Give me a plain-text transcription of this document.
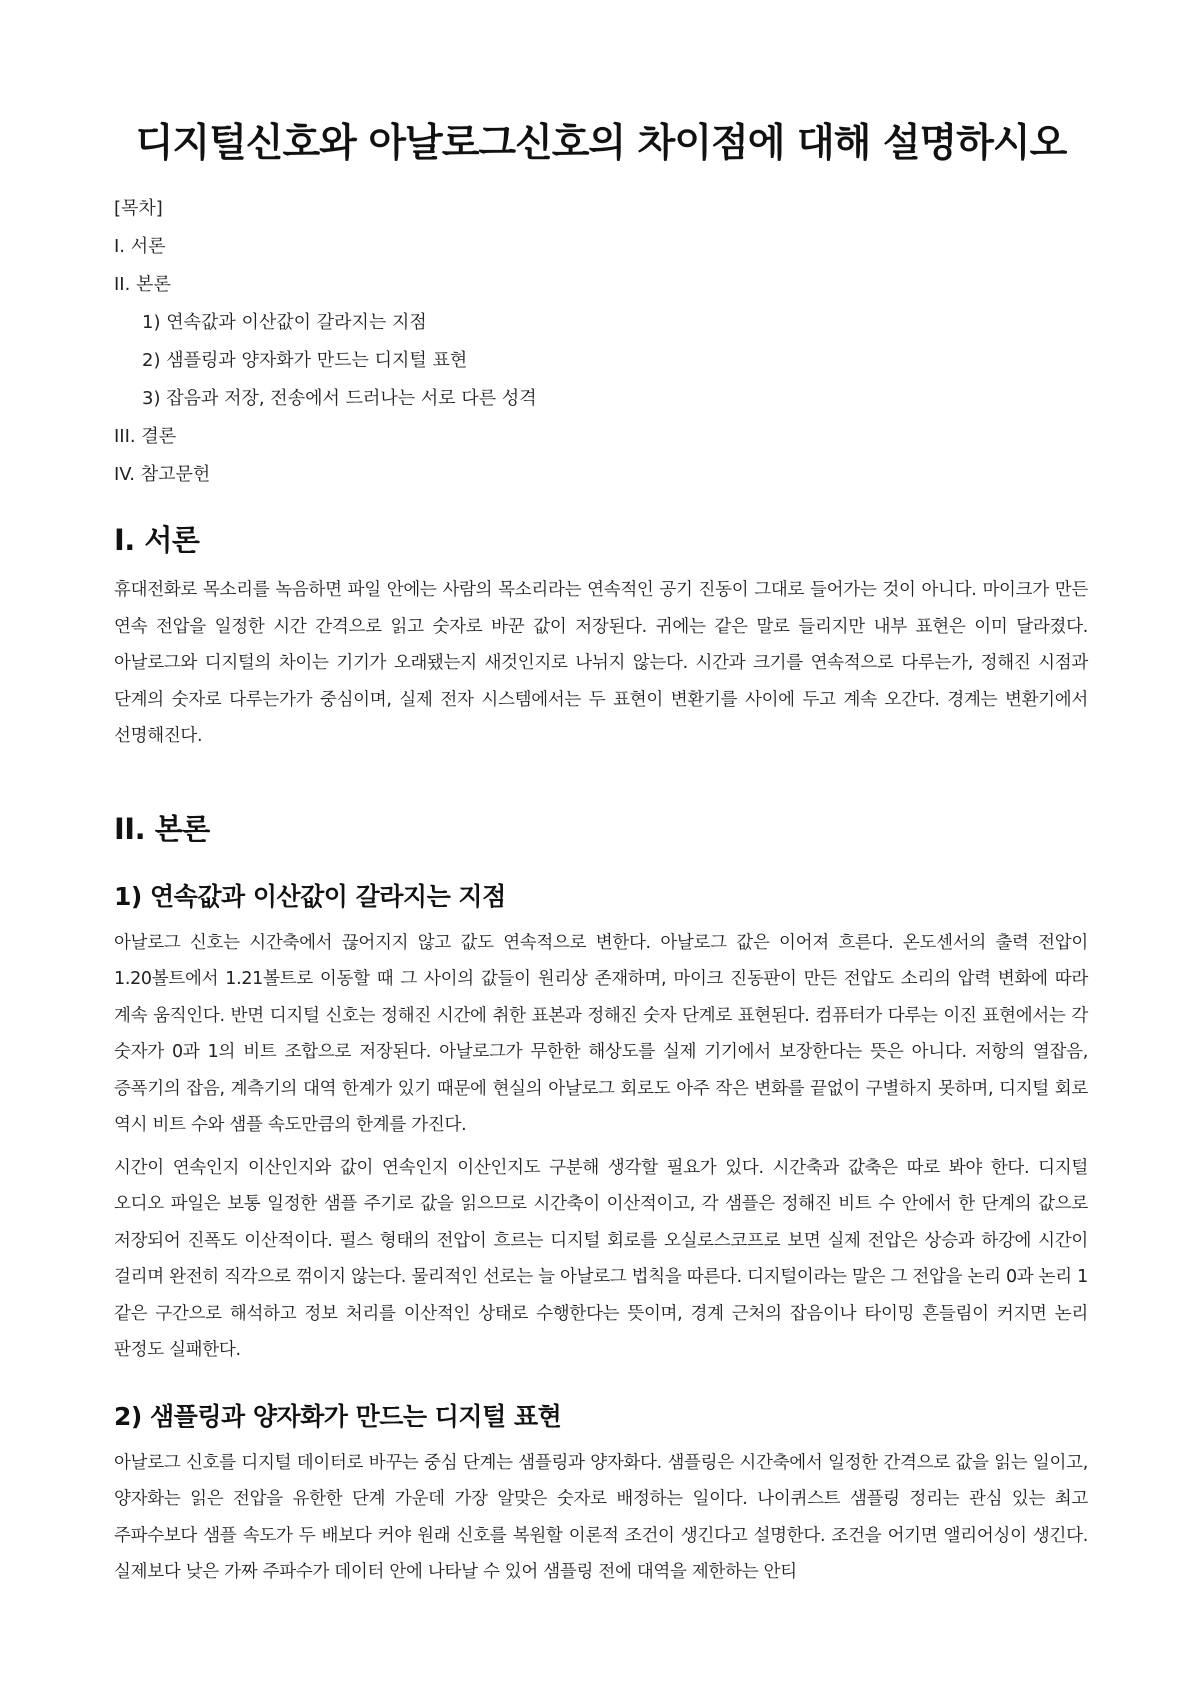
디지털신호와 아날로그신호의 차이점에 대해 설명하시오
[목차]
I. 서론
II. 본론
1) 연속값과 이산값이 갈라지는 지점
2) 샘플링과 양자화가 만드는 디지털 표현
3) 잡음과 저장, 전송에서 드러나는 서로 다른 성격
III. 결론
IV. 참고문헌
I. 서론

휴대전화로 목소리를 녹음하면 파일 안에는 사람의 목소리라는 연속적인 공기 진동이 그대로 들어가는 것이 아니다. 마이크가 만든 연속 전압을 일정한 시간 간격으로 읽고 숫자로 바꾼 값이 저장된다. 귀에는 같은 말로 들리지만 내부 표현은 이미 달라졌다. 아날로그와 디지털의 차이는 기기가 오래됐는지 새것인지로 나뉘지 않는다. 시간과 크기를 연속적으로 다루는가, 정해진 시점과 단계의 숫자로 다루는가가 중심이며, 실제 전자 시스템에서는 두 표현이 변환기를 사이에 두고 계속 오간다. 경계는 변환기에서 선명해진다.

II. 본론
1) 연속값과 이산값이 갈라지는 지점

아날로그 신호는 시간축에서 끊어지지 않고 값도 연속적으로 변한다. 아날로그 값은 이어져 흐른다. 온도센서의 출력 전압이 1.20볼트에서 1.21볼트로 이동할 때 그 사이의 값들이 원리상 존재하며, 마이크 진동판이 만든 전압도 소리의 압력 변화에 따라 계속 움직인다. 반면 디지털 신호는 정해진 시간에 취한 표본과 정해진 숫자 단계로 표현된다. 컴퓨터가 다루는 이진 표현에서는 각 숫자가 0과 1의 비트 조합으로 저장된다. 아날로그가 무한한 해상도를 실제 기기에서 보장한다는 뜻은 아니다. 저항의 열잡음, 증폭기의 잡음, 계측기의 대역 한계가 있기 때문에 현실의 아날로그 회로도 아주 작은 변화를 끝없이 구별하지 못하며, 디지털 회로 역시 비트 수와 샘플 속도만큼의 한계를 가진다.

시간이 연속인지 이산인지와 값이 연속인지 이산인지도 구분해 생각할 필요가 있다. 시간축과 값축은 따로 봐야 한다. 디지털 오디오 파일은 보통 일정한 샘플 주기로 값을 읽으므로 시간축이 이산적이고, 각 샘플은 정해진 비트 수 안에서 한 단계의 값으로 저장되어 진폭도 이산적이다. 펄스 형태의 전압이 흐르는 디지털 회로를 오실로스코프로 보면 실제 전압은 상승과 하강에 시간이 걸리며 완전히 직각으로 꺾이지 않는다. 물리적인 선로는 늘 아날로그 법칙을 따른다. 디지털이라는 말은 그 전압을 논리 0과 논리 1 같은 구간으로 해석하고 정보 처리를 이산적인 상태로 수행한다는 뜻이며, 경계 근처의 잡음이나 타이밍 흔들림이 커지면 논리 판정도 실패한다.

2) 샘플링과 양자화가 만드는 디지털 표현

아날로그 신호를 디지털 데이터로 바꾸는 중심 단계는 샘플링과 양자화다. 샘플링은 시간축에서 일정한 간격으로 값을 읽는 일이고, 양자화는 읽은 전압을 유한한 단계 가운데 가장 알맞은 숫자로 배정하는 일이다. 나이퀴스트 샘플링 정리는 관심 있는 최고 주파수보다 샘플 속도가 두 배보다 커야 원래 신호를 복원할 이론적 조건이 생긴다고 설명한다. 조건을 어기면 앨리어싱이 생긴다. 실제보다 낮은 가짜 주파수가 데이터 안에 나타날 수 있어 샘플링 전에 대역을 제한하는 안티
